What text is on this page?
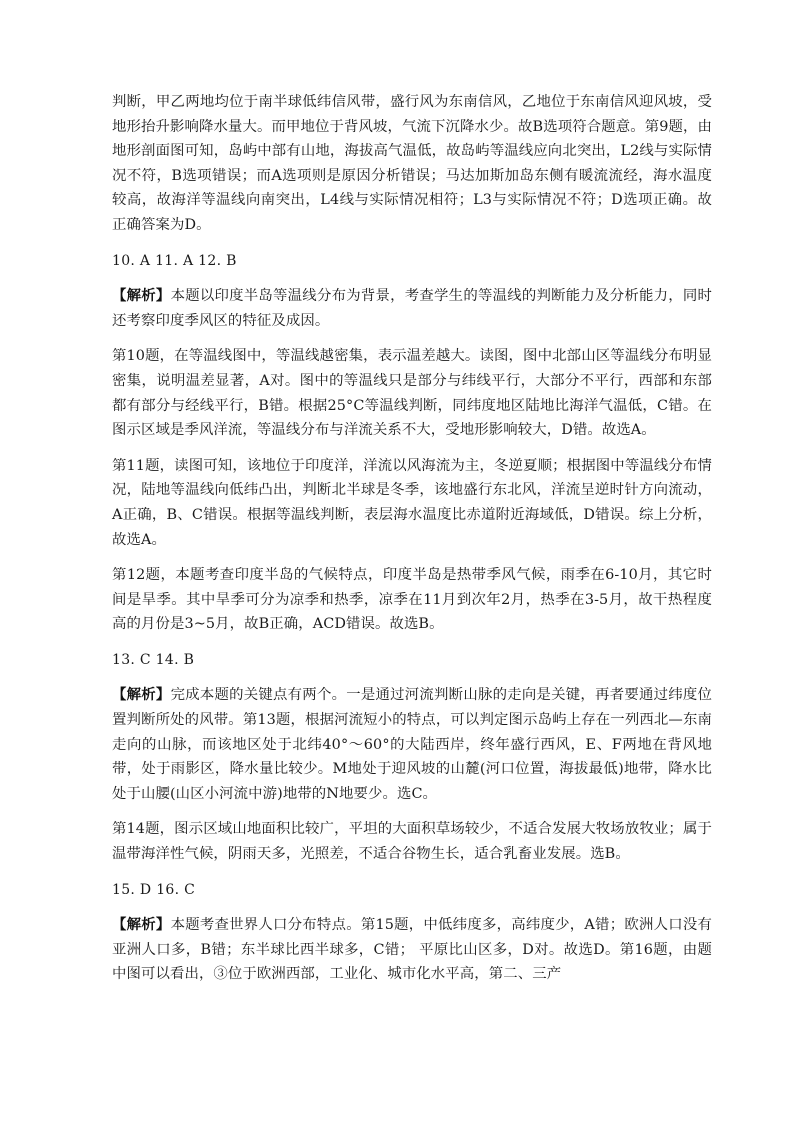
判断，甲乙两地均位于南半球低纬信风带，盛行风为东南信风，乙地位于东南信风迎风坡，受地形抬升影响降水量大。而甲地位于背风坡，气流下沉降水少。故B选项符合题意。第9题，由地形剖面图可知，岛屿中部有山地，海拔高气温低，故岛屿等温线应向北突出，L2线与实际情况不符，B选项错误；而A选项则是原因分析错误；马达加斯加岛东侧有暖流流经，海水温度较高，故海洋等温线向南突出，L4线与实际情况相符；L3与实际情况不符；D选项正确。故正确答案为D。

10. A 11. A 12. B

【解析】本题以印度半岛等温线分布为背景，考查学生的等温线的判断能力及分析能力，同时还考察印度季风区的特征及成因。

第10题，在等温线图中，等温线越密集，表示温差越大。读图，图中北部山区等温线分布明显密集，说明温差显著，A对。图中的等温线只是部分与纬线平行，大部分不平行，西部和东部都有部分与经线平行，B错。根据25°C等温线判断，同纬度地区陆地比海洋气温低，C错。在图示区域是季风洋流，等温线分布与洋流关系不大，受地形影响较大，D错。故选A。

第11题，读图可知，该地位于印度洋，洋流以风海流为主，冬逆夏顺；根据图中等温线分布情况，陆地等温线向低纬凸出，判断北半球是冬季，该地盛行东北风，洋流呈逆时针方向流动，A正确，B、C错误。根据等温线判断，表层海水温度比赤道附近海域低，D错误。综上分析，故选A。

第12题，本题考查印度半岛的气候特点，印度半岛是热带季风气候，雨季在6-10月，其它时间是旱季。其中旱季可分为凉季和热季，凉季在11月到次年2月，热季在3-5月，故干热程度高的月份是3~5月，故B正确，ACD错误。故选B。

13. C 14. B

【解析】完成本题的关键点有两个。一是通过河流判断山脉的走向是关键，再者要通过纬度位置判断所处的风带。第13题，根据河流短小的特点，可以判定图示岛屿上存在一列西北—东南走向的山脉，而该地区处于北纬40°～60°的大陆西岸，终年盛行西风，E、F两地在背风地带，处于雨影区，降水量比较少。M地处于迎风坡的山麓(河口位置，海拔最低)地带，降水比处于山腰(山区小河流中游)地带的N地要少。选C。

第14题，图示区域山地面积比较广，平坦的大面积草场较少，不适合发展大牧场放牧业；属于温带海洋性气候，阴雨天多，光照差，不适合谷物生长，适合乳畜业发展。选B。

15. D 16. C

【解析】本题考查世界人口分布特点。第15题，中低纬度多，高纬度少，A错；欧洲人口没有亚洲人口多，B错；东半球比西半球多，C错； 平原比山区多，D对。故选D。第16题，由题中图可以看出，③位于欧洲西部，工业化、城市化水平高，第二、三产
